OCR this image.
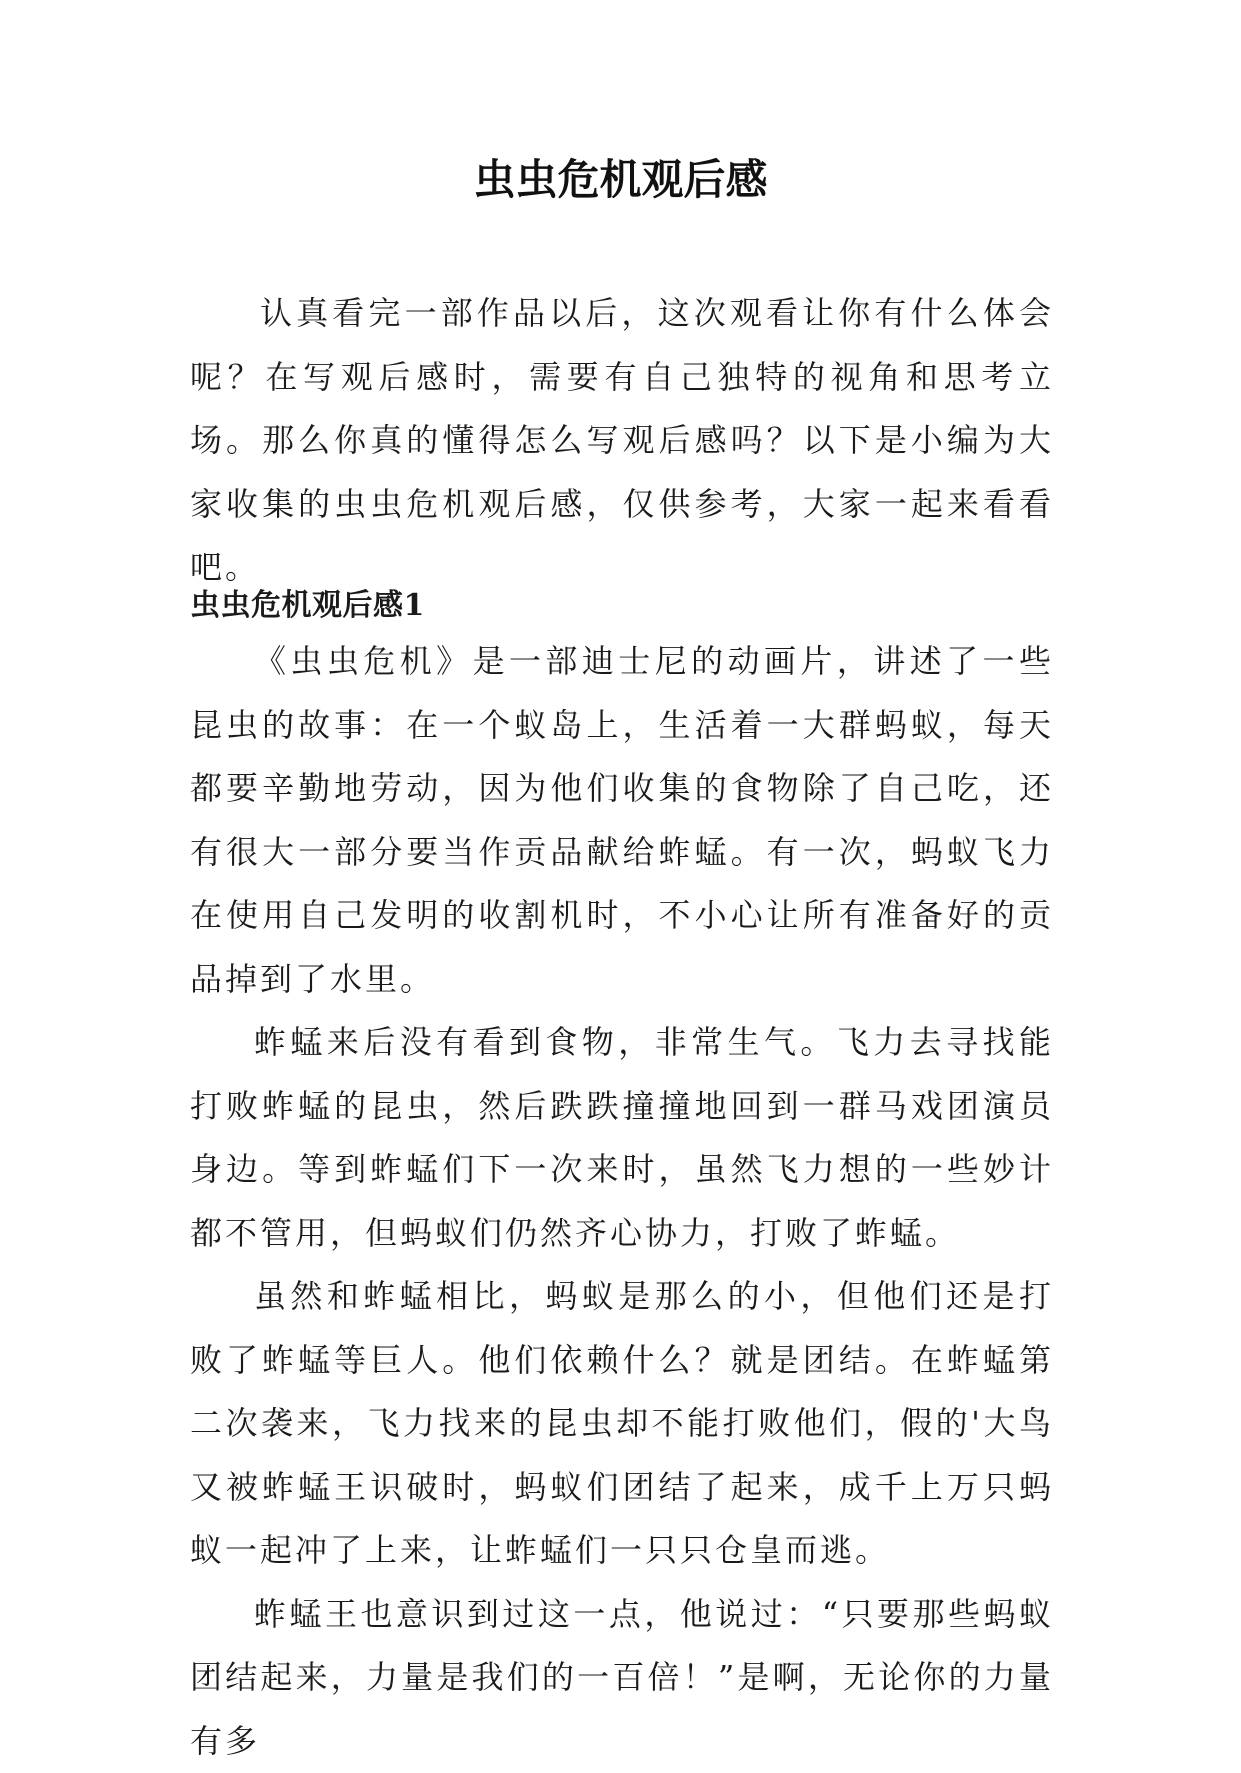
虫虫危机观后感

认真看完一部作品以后，这次观看让你有什么体会呢？在写观后感时，需要有自己独特的视角和思考立场。那么你真的懂得怎么写观后感吗？以下是小编为大家收集的虫虫危机观后感，仅供参考，大家一起来看看吧。

虫虫危机观后感1

《虫虫危机》是一部迪士尼的动画片，讲述了一些昆虫的故事：在一个蚁岛上，生活着一大群蚂蚁，每天都要辛勤地劳动，因为他们收集的食物除了自己吃，还有很大一部分要当作贡品献给蚱蜢。有一次，蚂蚁飞力在使用自己发明的收割机时，不小心让所有准备好的贡品掉到了水里。

蚱蜢来后没有看到食物，非常生气。飞力去寻找能打败蚱蜢的昆虫，然后跌跌撞撞地回到一群马戏团演员身边。等到蚱蜢们下一次来时，虽然飞力想的一些妙计都不管用，但蚂蚁们仍然齐心协力，打败了蚱蜢。

虽然和蚱蜢相比，蚂蚁是那么的小，但他们还是打败了蚱蜢等巨人。他们依赖什么？就是团结。在蚱蜢第二次袭来，飞力找来的昆虫却不能打败他们，假的'大鸟又被蚱蜢王识破时，蚂蚁们团结了起来，成千上万只蚂蚁一起冲了上来，让蚱蜢们一只只仓皇而逃。

蚱蜢王也意识到过这一点，他说过：“只要那些蚂蚁团结起来，力量是我们的一百倍！”是啊，无论你的力量有多
